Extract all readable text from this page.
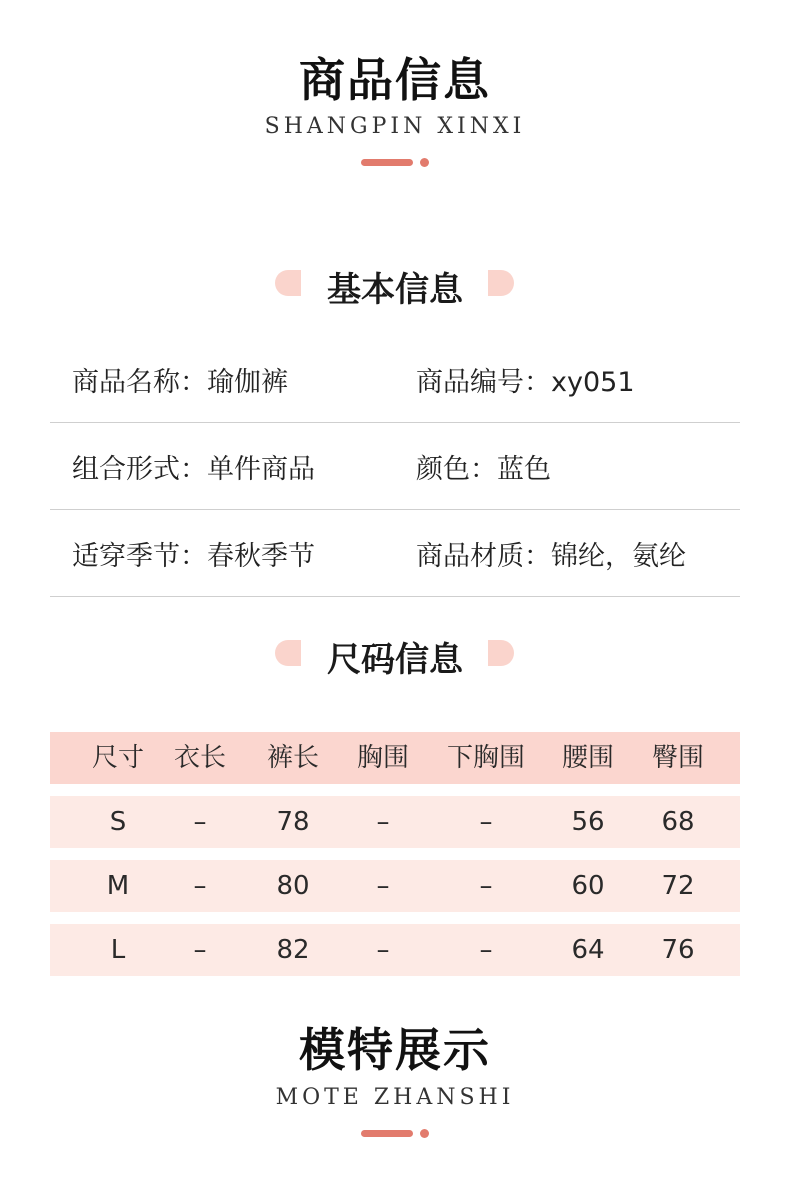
商品信息
SHANGPIN XINXI
基本信息
商品名称：瑜伽裤	商品编号：xy051
组合形式：单件商品	颜色：蓝色
适穿季节：春秋季节	商品材质：锦纶，氨纶
尺码信息
尺寸	衣长	裤长	胸围	下胸围	腰围	臀围
S	–	78	–	–	56	68
M	–	80	–	–	60	72
L	–	82	–	–	64	76
模特展示
MOTE ZHANSHI
